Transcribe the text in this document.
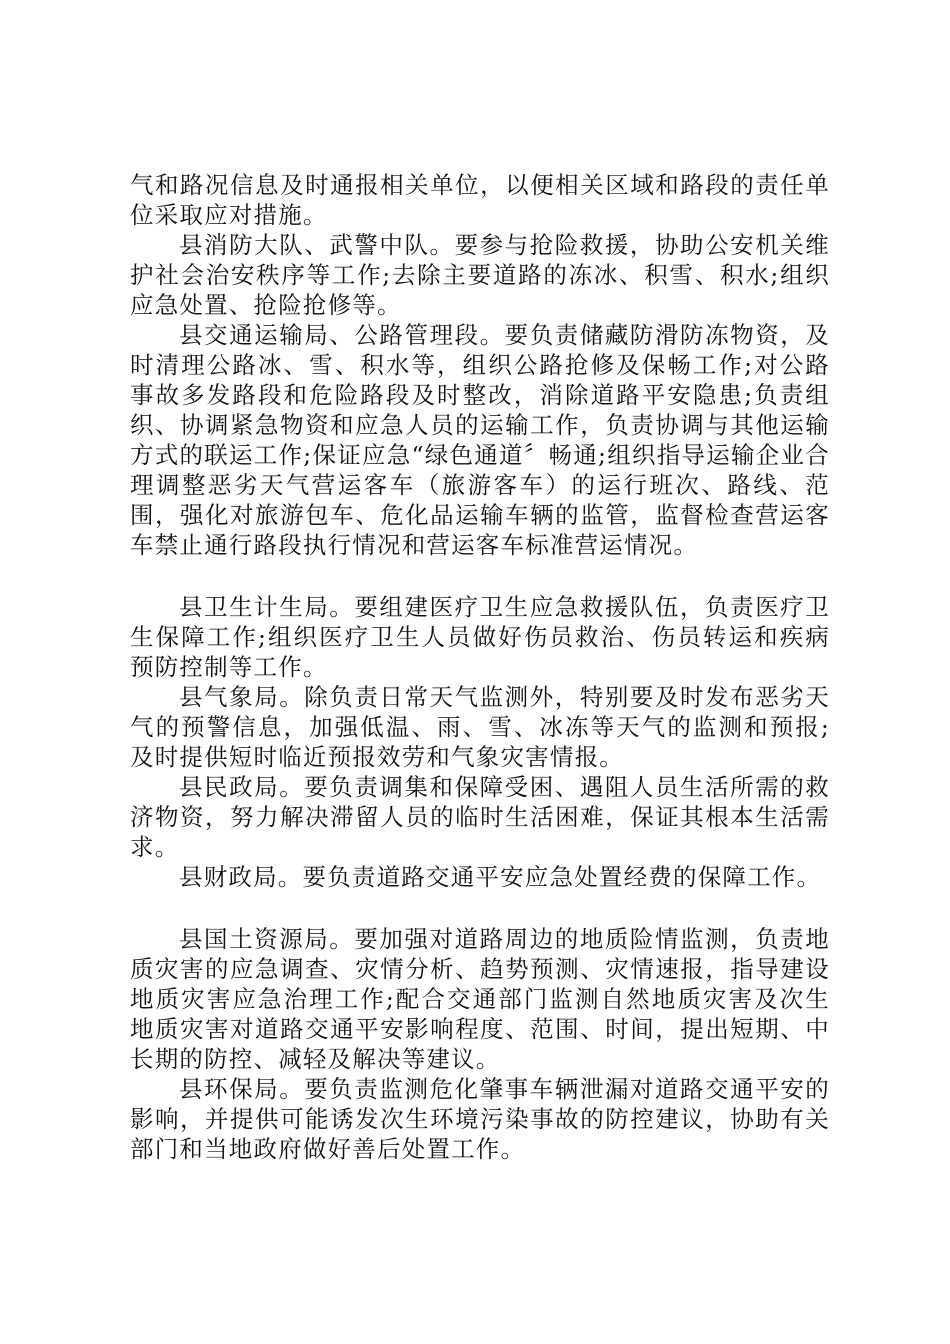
气和路况信息及时通报相关单位，以便相关区域和路段的责任单位采取应对措施。

县消防大队、武警中队。要参与抢险救援，协助公安机关维护社会治安秩序等工作;去除主要道路的冻冰、积雪、积水;组织应急处置、抢险抢修等。

县交通运输局、公路管理段。要负责储藏防滑防冻物资，及时清理公路冰、雪、积水等，组织公路抢修及保畅工作;对公路事故多发路段和危险路段及时整改，消除道路平安隐患;负责组织、协调紧急物资和应急人员的运输工作，负责协调与其他运输方式的联运工作;保证应急“绿色通道〞畅通;组织指导运输企业合理调整恶劣天气营运客车（旅游客车）的运行班次、路线、范围，强化对旅游包车、危化品运输车辆的监管，监督检查营运客车禁止通行路段执行情况和营运客车标准营运情况。

县卫生计生局。要组建医疗卫生应急救援队伍，负责医疗卫生保障工作;组织医疗卫生人员做好伤员救治、伤员转运和疾病预防控制等工作。

县气象局。除负责日常天气监测外，特别要及时发布恶劣天气的预警信息，加强低温、雨、雪、冰冻等天气的监测和预报;及时提供短时临近预报效劳和气象灾害情报。

县民政局。要负责调集和保障受困、遇阻人员生活所需的救济物资，努力解决滞留人员的临时生活困难，保证其根本生活需求。

县财政局。要负责道路交通平安应急处置经费的保障工作。

县国土资源局。要加强对道路周边的地质险情监测，负责地质灾害的应急调查、灾情分析、趋势预测、灾情速报，指导建设地质灾害应急治理工作;配合交通部门监测自然地质灾害及次生地质灾害对道路交通平安影响程度、范围、时间，提出短期、中长期的防控、减轻及解决等建议。

县环保局。要负责监测危化肇事车辆泄漏对道路交通平安的影响，并提供可能诱发次生环境污染事故的防控建议，协助有关部门和当地政府做好善后处置工作。
